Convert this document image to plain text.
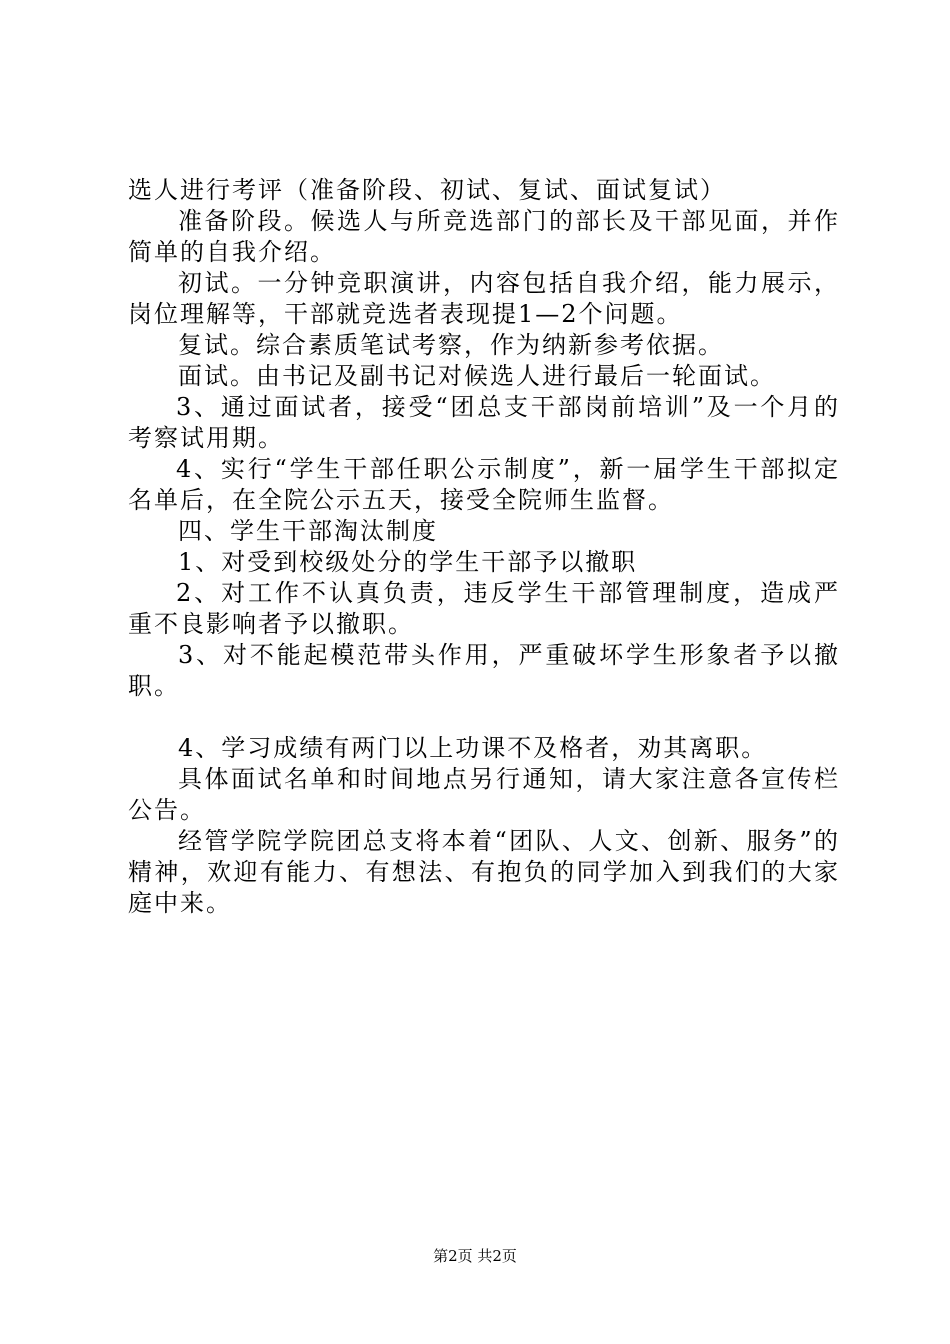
选人进行考评（准备阶段、初试、复试、面试复试）

准备阶段。候选人与所竞选部门的部长及干部见面，并作简单的自我介绍。

初试。一分钟竞职演讲，内容包括自我介绍，能力展示，岗位理解等，干部就竞选者表现提1—2个问题。

复试。综合素质笔试考察，作为纳新参考依据。

面试。由书记及副书记对候选人进行最后一轮面试。

3、通过面试者，接受“团总支干部岗前培训”及一个月的考察试用期。

4、实行“学生干部任职公示制度”，新一届学生干部拟定名单后，在全院公示五天，接受全院师生监督。

四、学生干部淘汰制度

1、对受到校级处分的学生干部予以撤职

2、对工作不认真负责，违反学生干部管理制度，造成严重不良影响者予以撤职。

3、对不能起模范带头作用，严重破坏学生形象者予以撤职。

4、学习成绩有两门以上功课不及格者，劝其离职。

具体面试名单和时间地点另行通知，请大家注意各宣传栏公告。

经管学院学院团总支将本着“团队、人文、创新、服务”的精神，欢迎有能力、有想法、有抱负的同学加入到我们的大家庭中来。

第2页 共2页
